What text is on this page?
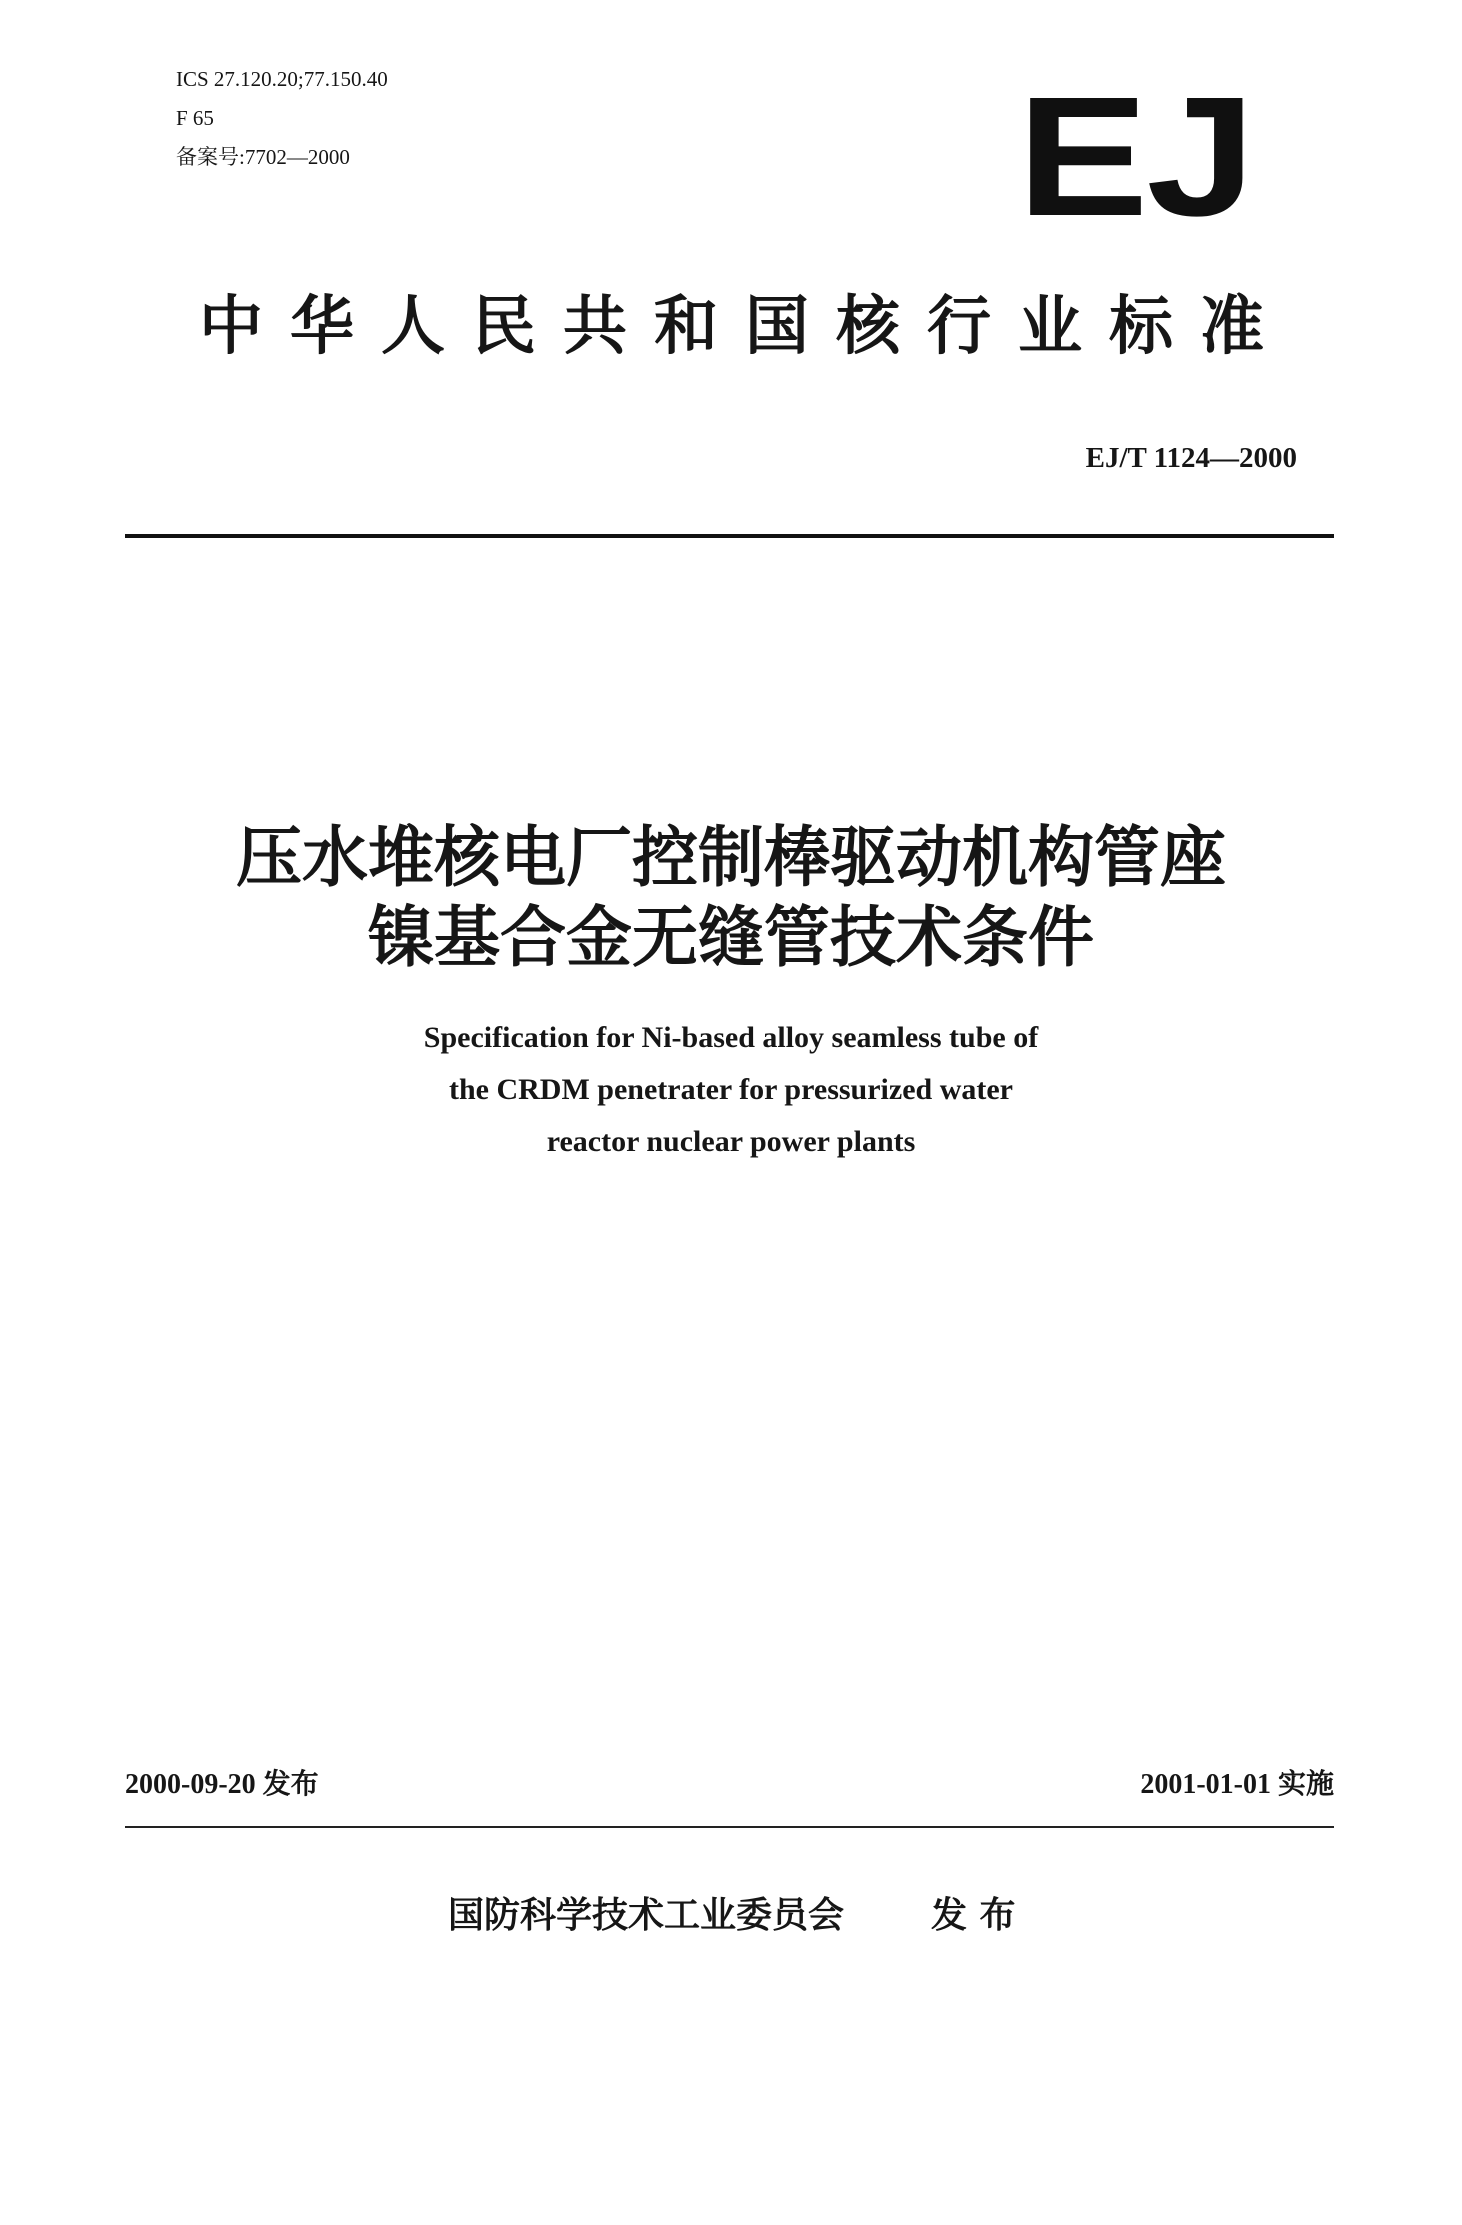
ICS 27.120.20;77.150.40
F 65
备案号:7702—2000	EJ
中华人民共和国核行业标准
EJ/T 1124—2000
压水堆核电厂控制棒驱动机构管座
镍基合金无缝管技术条件
Specification for Ni-based alloy seamless tube of
the CRDM penetrater for pressurized water
reactor nuclear power plants
2000-09-20 发布	2001-01-01 实施
国防科学技术工业委员会 发 布
